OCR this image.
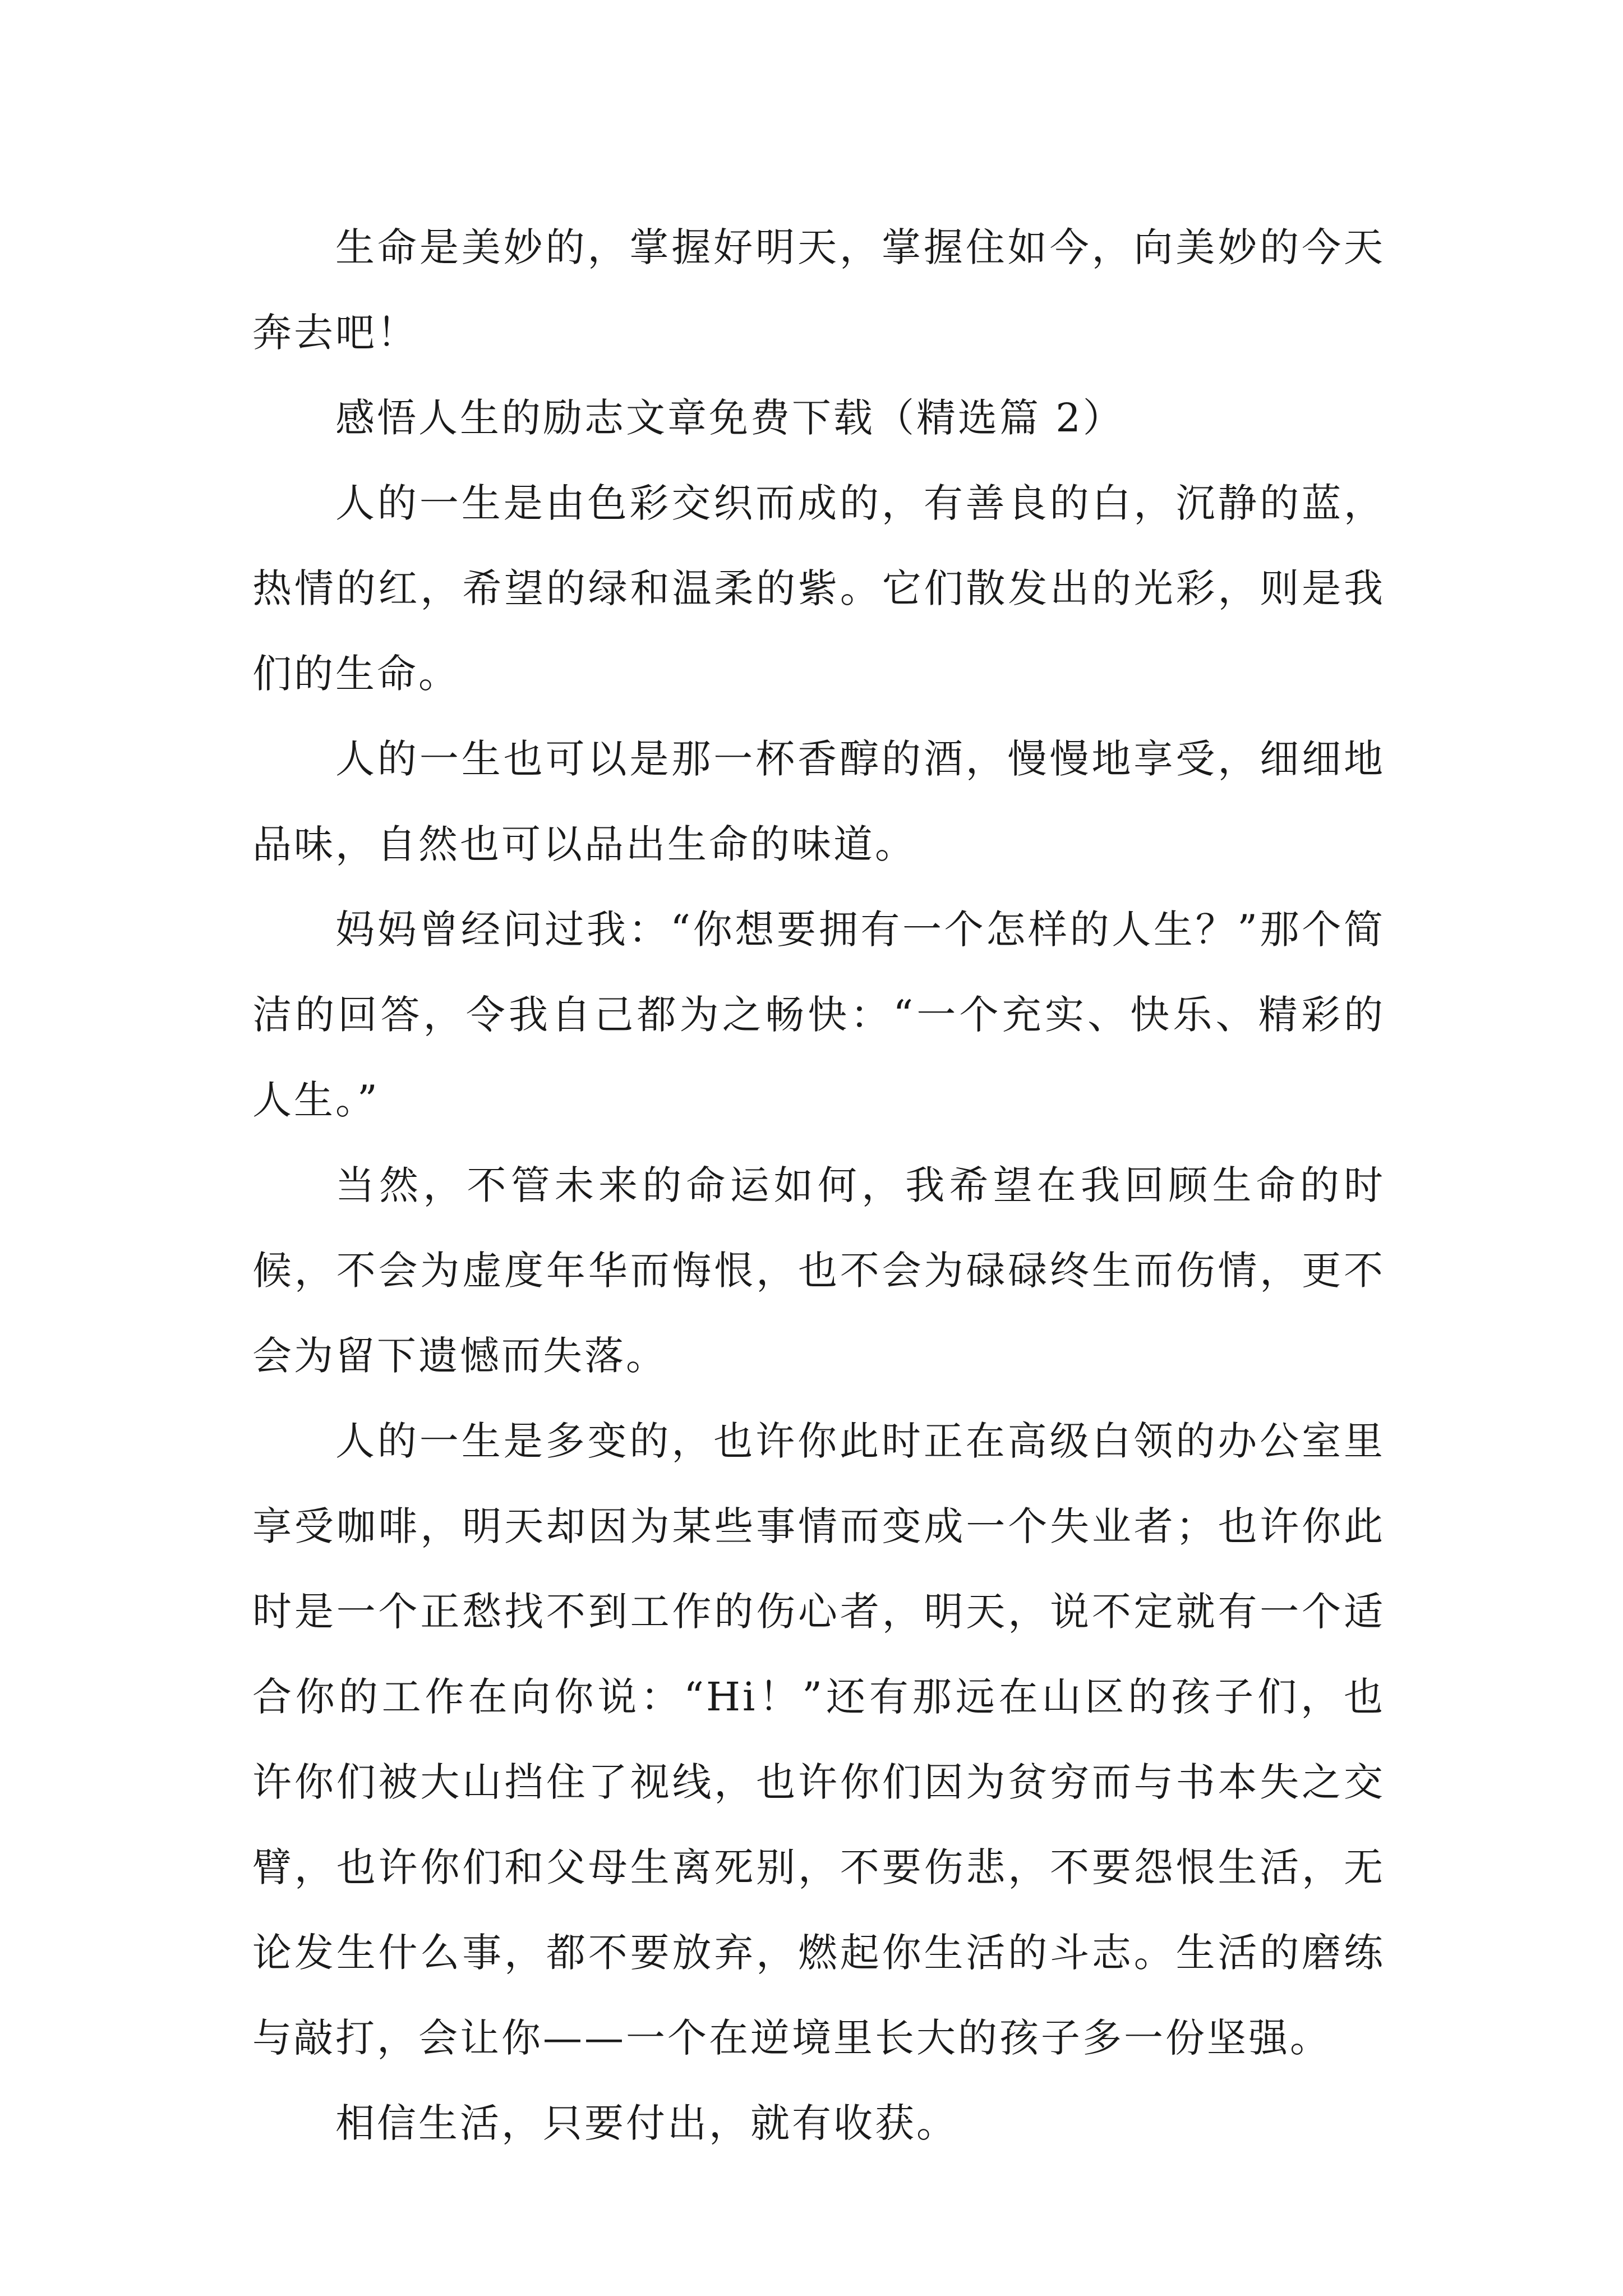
生命是美妙的，掌握好明天，掌握住如今，向美妙的今天奔去吧！

感悟人生的励志文章免费下载（精选篇 2）

人的一生是由色彩交织而成的，有善良的白，沉静的蓝，热情的红，希望的绿和温柔的紫。它们散发出的光彩，则是我们的生命。

人的一生也可以是那一杯香醇的酒，慢慢地享受，细细地品味，自然也可以品出生命的味道。

妈妈曾经问过我：“你想要拥有一个怎样的人生？”那个简洁的回答，令我自己都为之畅快：“一个充实、快乐、精彩的人生。”

当然，不管未来的命运如何，我希望在我回顾生命的时候，不会为虚度年华而悔恨，也不会为碌碌终生而伤情，更不会为留下遗憾而失落。

人的一生是多变的，也许你此时正在高级白领的办公室里享受咖啡，明天却因为某些事情而变成一个失业者；也许你此时是一个正愁找不到工作的伤心者，明天，说不定就有一个适合你的工作在向你说：“Hi！”还有那远在山区的孩子们，也许你们被大山挡住了视线，也许你们因为贫穷而与书本失之交臂，也许你们和父母生离死别，不要伤悲，不要怨恨生活，无论发生什么事，都不要放弃，燃起你生活的斗志。生活的磨练与敲打，会让你——一个在逆境里长大的孩子多一份坚强。

相信生活，只要付出，就有收获。
